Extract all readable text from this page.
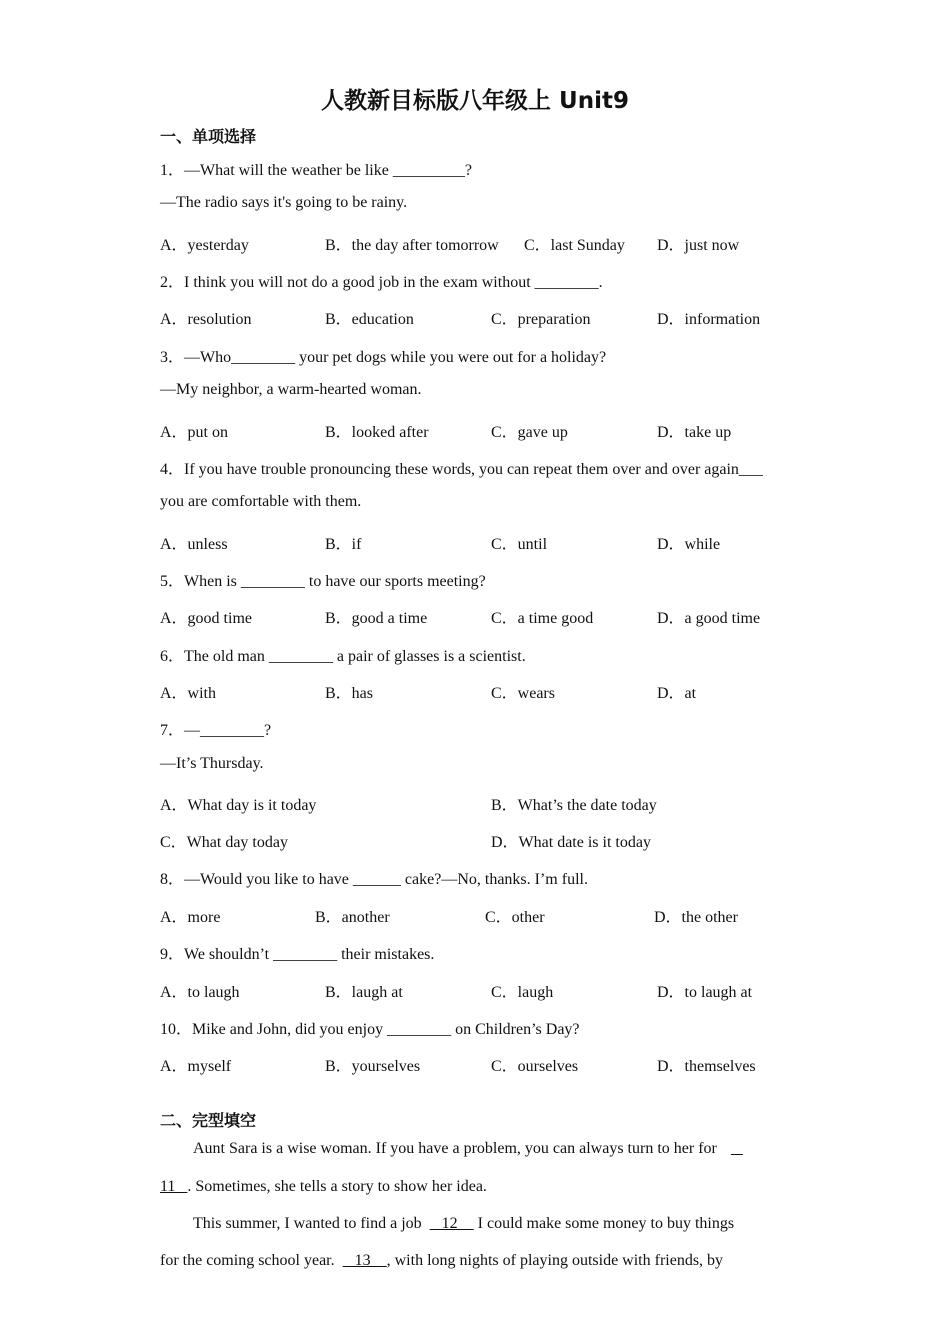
人教新目标版八年级上 Unit9
一、单项选择
1．—What will the weather be like _________?
—The radio says it's going to be rainy.
A．yesterday	B．the day after tomorrow C．last Sunday D．just now
2．I think you will not do a good job in the exam without ________.
A．resolution	B．education	C．preparation	D．information
3．—Who________ your pet dogs while you were out for a holiday?
—My neighbor, a warm-hearted woman.
A．put on	B．looked after	C．gave up	D．take up
4．If you have trouble pronouncing these words, you can repeat them over and over again___
you are comfortable with them.
A．unless	B．if	C．until	D．while
5．When is ________ to have our sports meeting?
A．good time	B．good a time	C．a time good	D．a good time
6．The old man ________ a pair of glasses is a scientist.
A．with	B．has	C．wears	D．at
7．—________?
—It’s Thursday.
A．What day is it today	B．What’s the date today
C．What day today	D．What date is it today
8．—Would you like to have ______ cake?—No, thanks. I’m full.
A．more	B．another	C．other	D．the other
9．We shouldn’t ________ their mistakes.
A．to laugh	B．laugh at	C．laugh	D．to laugh at
10．Mike and John, did you enjoy ________ on Children’s Day?
A．myself	B．yourselves	C．ourselves	D．themselves
二、完型填空
Aunt Sara is a wise woman. If you have a problem, you can always turn to her for
11   . Sometimes, she tells a story to show her idea.
This summer, I wanted to find a job   12     I could make some money to buy things
for the coming school year.   13    , with long nights of playing outside with friends, by
